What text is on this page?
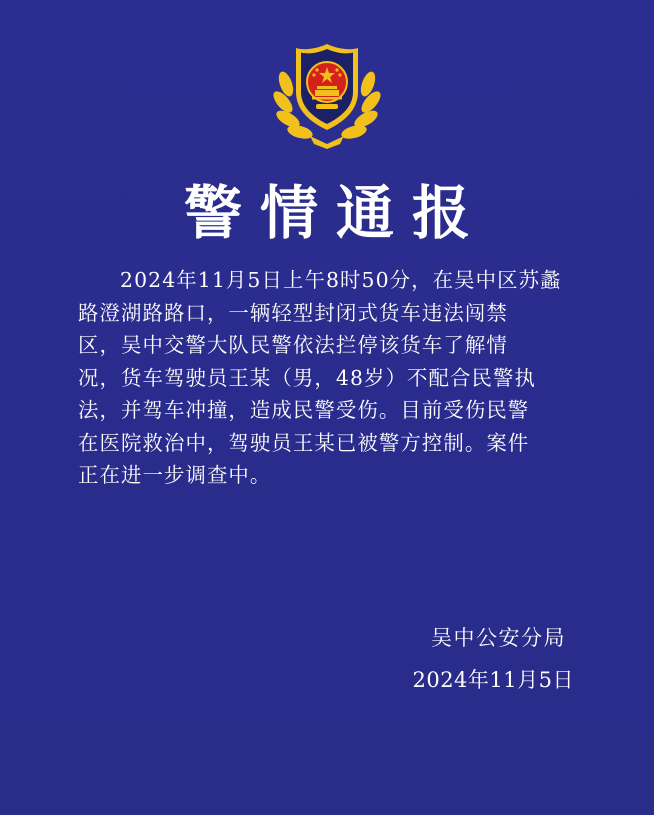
警情通报
2024年11月5日上午8时50分，在吴中区苏蠡
路澄湖路路口，一辆轻型封闭式货车违法闯禁
区，吴中交警大队民警依法拦停该货车了解情
况，货车驾驶员王某（男，48岁）不配合民警执
法，并驾车冲撞，造成民警受伤。目前受伤民警
在医院救治中，驾驶员王某已被警方控制。案件
正在进一步调查中。
吴中公安分局
2024年11月5日
